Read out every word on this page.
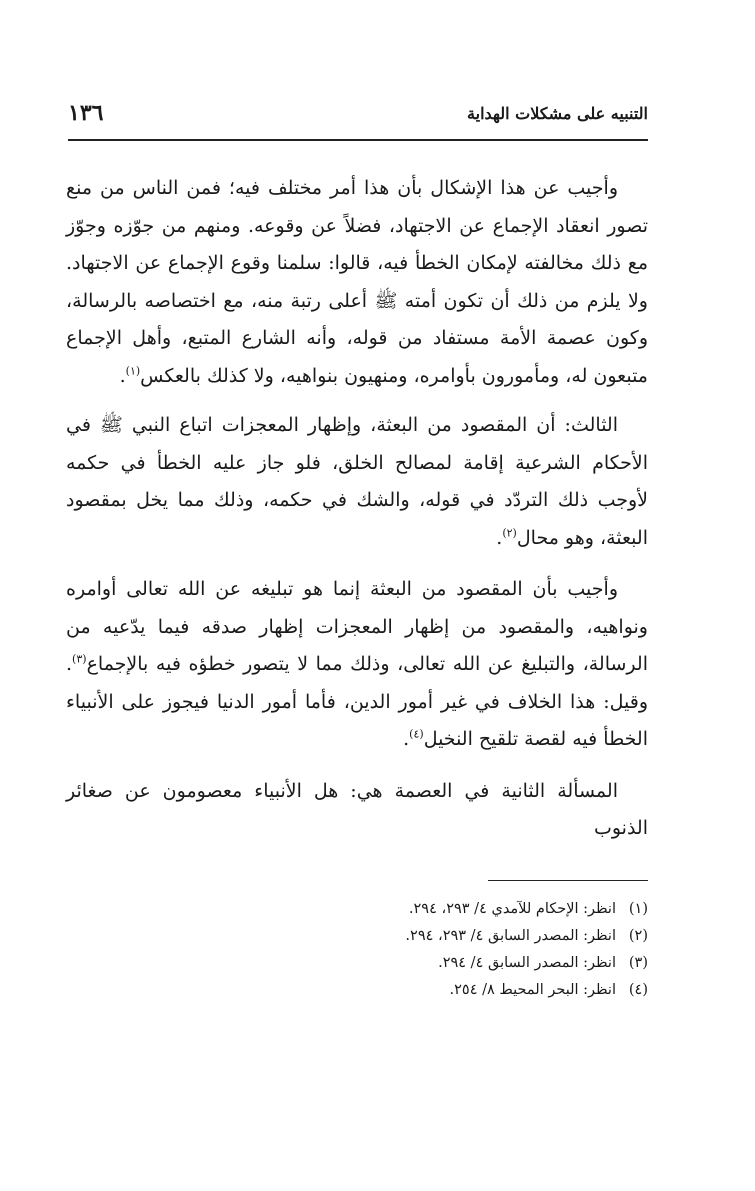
التنبيه على مشكلات الهداية
١٣٦

وأجيب عن هذا الإشكال بأن هذا أمر مختلف فيه؛ فمن الناس من منع تصور انعقاد الإجماع عن الاجتهاد، فضلاً عن وقوعه. ومنهم من جوّزه وجوّز مع ذلك مخالفته لإمكان الخطأ فيه، قالوا: سلمنا وقوع الإجماع عن الاجتهاد. ولا يلزم من ذلك أن تكون أمته ﷺ أعلى رتبة منه، مع اختصاصه بالرسالة، وكون عصمة الأمة مستفاد من قوله، وأنه الشارع المتبع، وأهل الإجماع متبعون له، ومأمورون بأوامره، ومنهيون بنواهيه، ولا كذلك بالعكس$^{(١)}$.

الثالث: أن المقصود من البعثة، وإظهار المعجزات اتباع النبي ﷺ في الأحكام الشرعية إقامة لمصالح الخلق، فلو جاز عليه الخطأ في حكمه لأوجب ذلك التردّد في قوله، والشك في حكمه، وذلك مما يخل بمقصود البعثة، وهو محال$^{(٢)}$.

وأجيب بأن المقصود من البعثة إنما هو تبليغه عن الله تعالى أوامره ونواهيه، والمقصود من إظهار المعجزات إظهار صدقه فيما يدّعيه من الرسالة، والتبليغ عن الله تعالى، وذلك مما لا يتصور خطؤه فيه بالإجماع$^{(٣)}$. وقيل: هذا الخلاف في غير أمور الدين، فأما أمور الدنيا فيجوز على الأنبياء الخطأ فيه لقصة تلقيح النخيل$^{(٤)}$.

المسألة الثانية في العصمة هي: هل الأنبياء معصومون عن صغائر الذنوب

(١)
انظر: الإحكام للآمدي ٤/ ٢٩٣، ٢٩٤.
(٢)
انظر: المصدر السابق ٤/ ٢٩٣، ٢٩٤.
(٣)
انظر: المصدر السابق ٤/ ٢٩٤.
(٤)
انظر: البحر المحيط ٨/ ٢٥٤.
